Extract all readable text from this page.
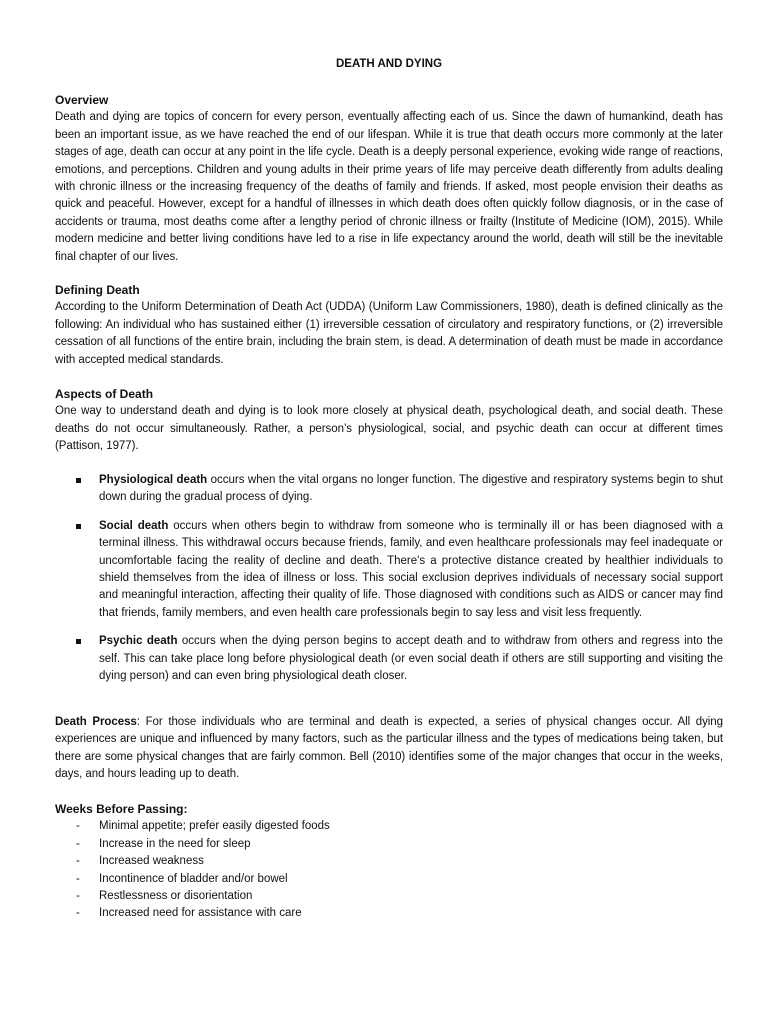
DEATH AND DYING

Overview

Death and dying are topics of concern for every person, eventually affecting each of us. Since the dawn of humankind, death has been an important issue, as we have reached the end of our lifespan. While it is true that death occurs more commonly at the later stages of age, death can occur at any point in the life cycle. Death is a deeply personal experience, evoking wide range of reactions, emotions, and perceptions. Children and young adults in their prime years of life may perceive death differently from adults dealing with chronic illness or the increasing frequency of the deaths of family and friends. If asked, most people envision their deaths as quick and peaceful. However, except for a handful of illnesses in which death does often quickly follow diagnosis, or in the case of accidents or trauma, most deaths come after a lengthy period of chronic illness or frailty (Institute of Medicine (IOM), 2015). While modern medicine and better living conditions have led to a rise in life expectancy around the world, death will still be the inevitable final chapter of our lives.

Defining Death

According to the Uniform Determination of Death Act (UDDA) (Uniform Law Commissioners, 1980), death is defined clinically as the following: An individual who has sustained either (1) irreversible cessation of circulatory and respiratory functions, or (2) irreversible cessation of all functions of the entire brain, including the brain stem, is dead. A determination of death must be made in accordance with accepted medical standards.

Aspects of Death

One way to understand death and dying is to look more closely at physical death, psychological death, and social death. These deaths do not occur simultaneously. Rather, a person’s physiological, social, and psychic death can occur at different times (Pattison, 1977).

Physiological death occurs when the vital organs no longer function. The digestive and respiratory systems begin to shut down during the gradual process of dying.
Social death occurs when others begin to withdraw from someone who is terminally ill or has been diagnosed with a terminal illness. This withdrawal occurs because friends, family, and even healthcare professionals may feel inadequate or uncomfortable facing the reality of decline and death. There's a protective distance created by healthier individuals to shield themselves from the idea of illness or loss. This social exclusion deprives individuals of necessary social support and meaningful interaction, affecting their quality of life. Those diagnosed with conditions such as AIDS or cancer may find that friends, family members, and even health care professionals begin to say less and visit less frequently.
Psychic death occurs when the dying person begins to accept death and to withdraw from others and regress into the self. This can take place long before physiological death (or even social death if others are still supporting and visiting the dying person) and can even bring physiological death closer.

Death Process: For those individuals who are terminal and death is expected, a series of physical changes occur. All dying experiences are unique and influenced by many factors, such as the particular illness and the types of medications being taken, but there are some physical changes that are fairly common. Bell (2010) identifies some of the major changes that occur in the weeks, days, and hours leading up to death.

Weeks Before Passing:

- Minimal appetite; prefer easily digested foods
- Increase in the need for sleep
- Increased weakness
- Incontinence of bladder and/or bowel
- Restlessness or disorientation
- Increased need for assistance with care
